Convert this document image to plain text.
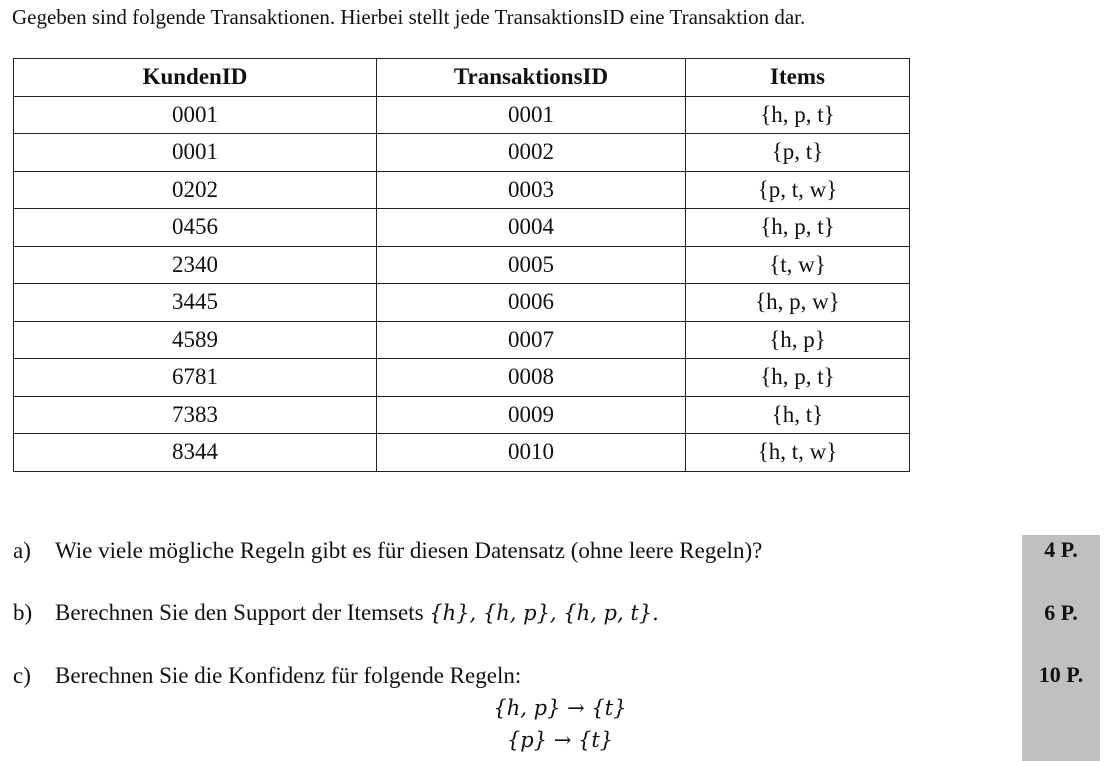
Gegeben sind folgende Transaktionen. Hierbei stellt jede TransaktionsID eine Transaktion dar.
KundenID	TransaktionsID	Items
0001	0001	{h, p, t}
0001	0002	{p, t}
0202	0003	{p, t, w}
0456	0004	{h, p, t}
2340	0005	{t, w}
3445	0006	{h, p, w}
4589	0007	{h, p}
6781	0008	{h, p, t}
7383	0009	{h, t}
8344	0010	{h, t, w}
a) Wie viele mögliche Regeln gibt es für diesen Datensatz (ohne leere Regeln)?	4 P.
b) Berechnen Sie den Support der Itemsets {h}, {h, p}, {h, p, t}.	6 P.
c) Berechnen Sie die Konfidenz für folgende Regeln:	10 P.
{h, p} → {t}
{p} → {t}
